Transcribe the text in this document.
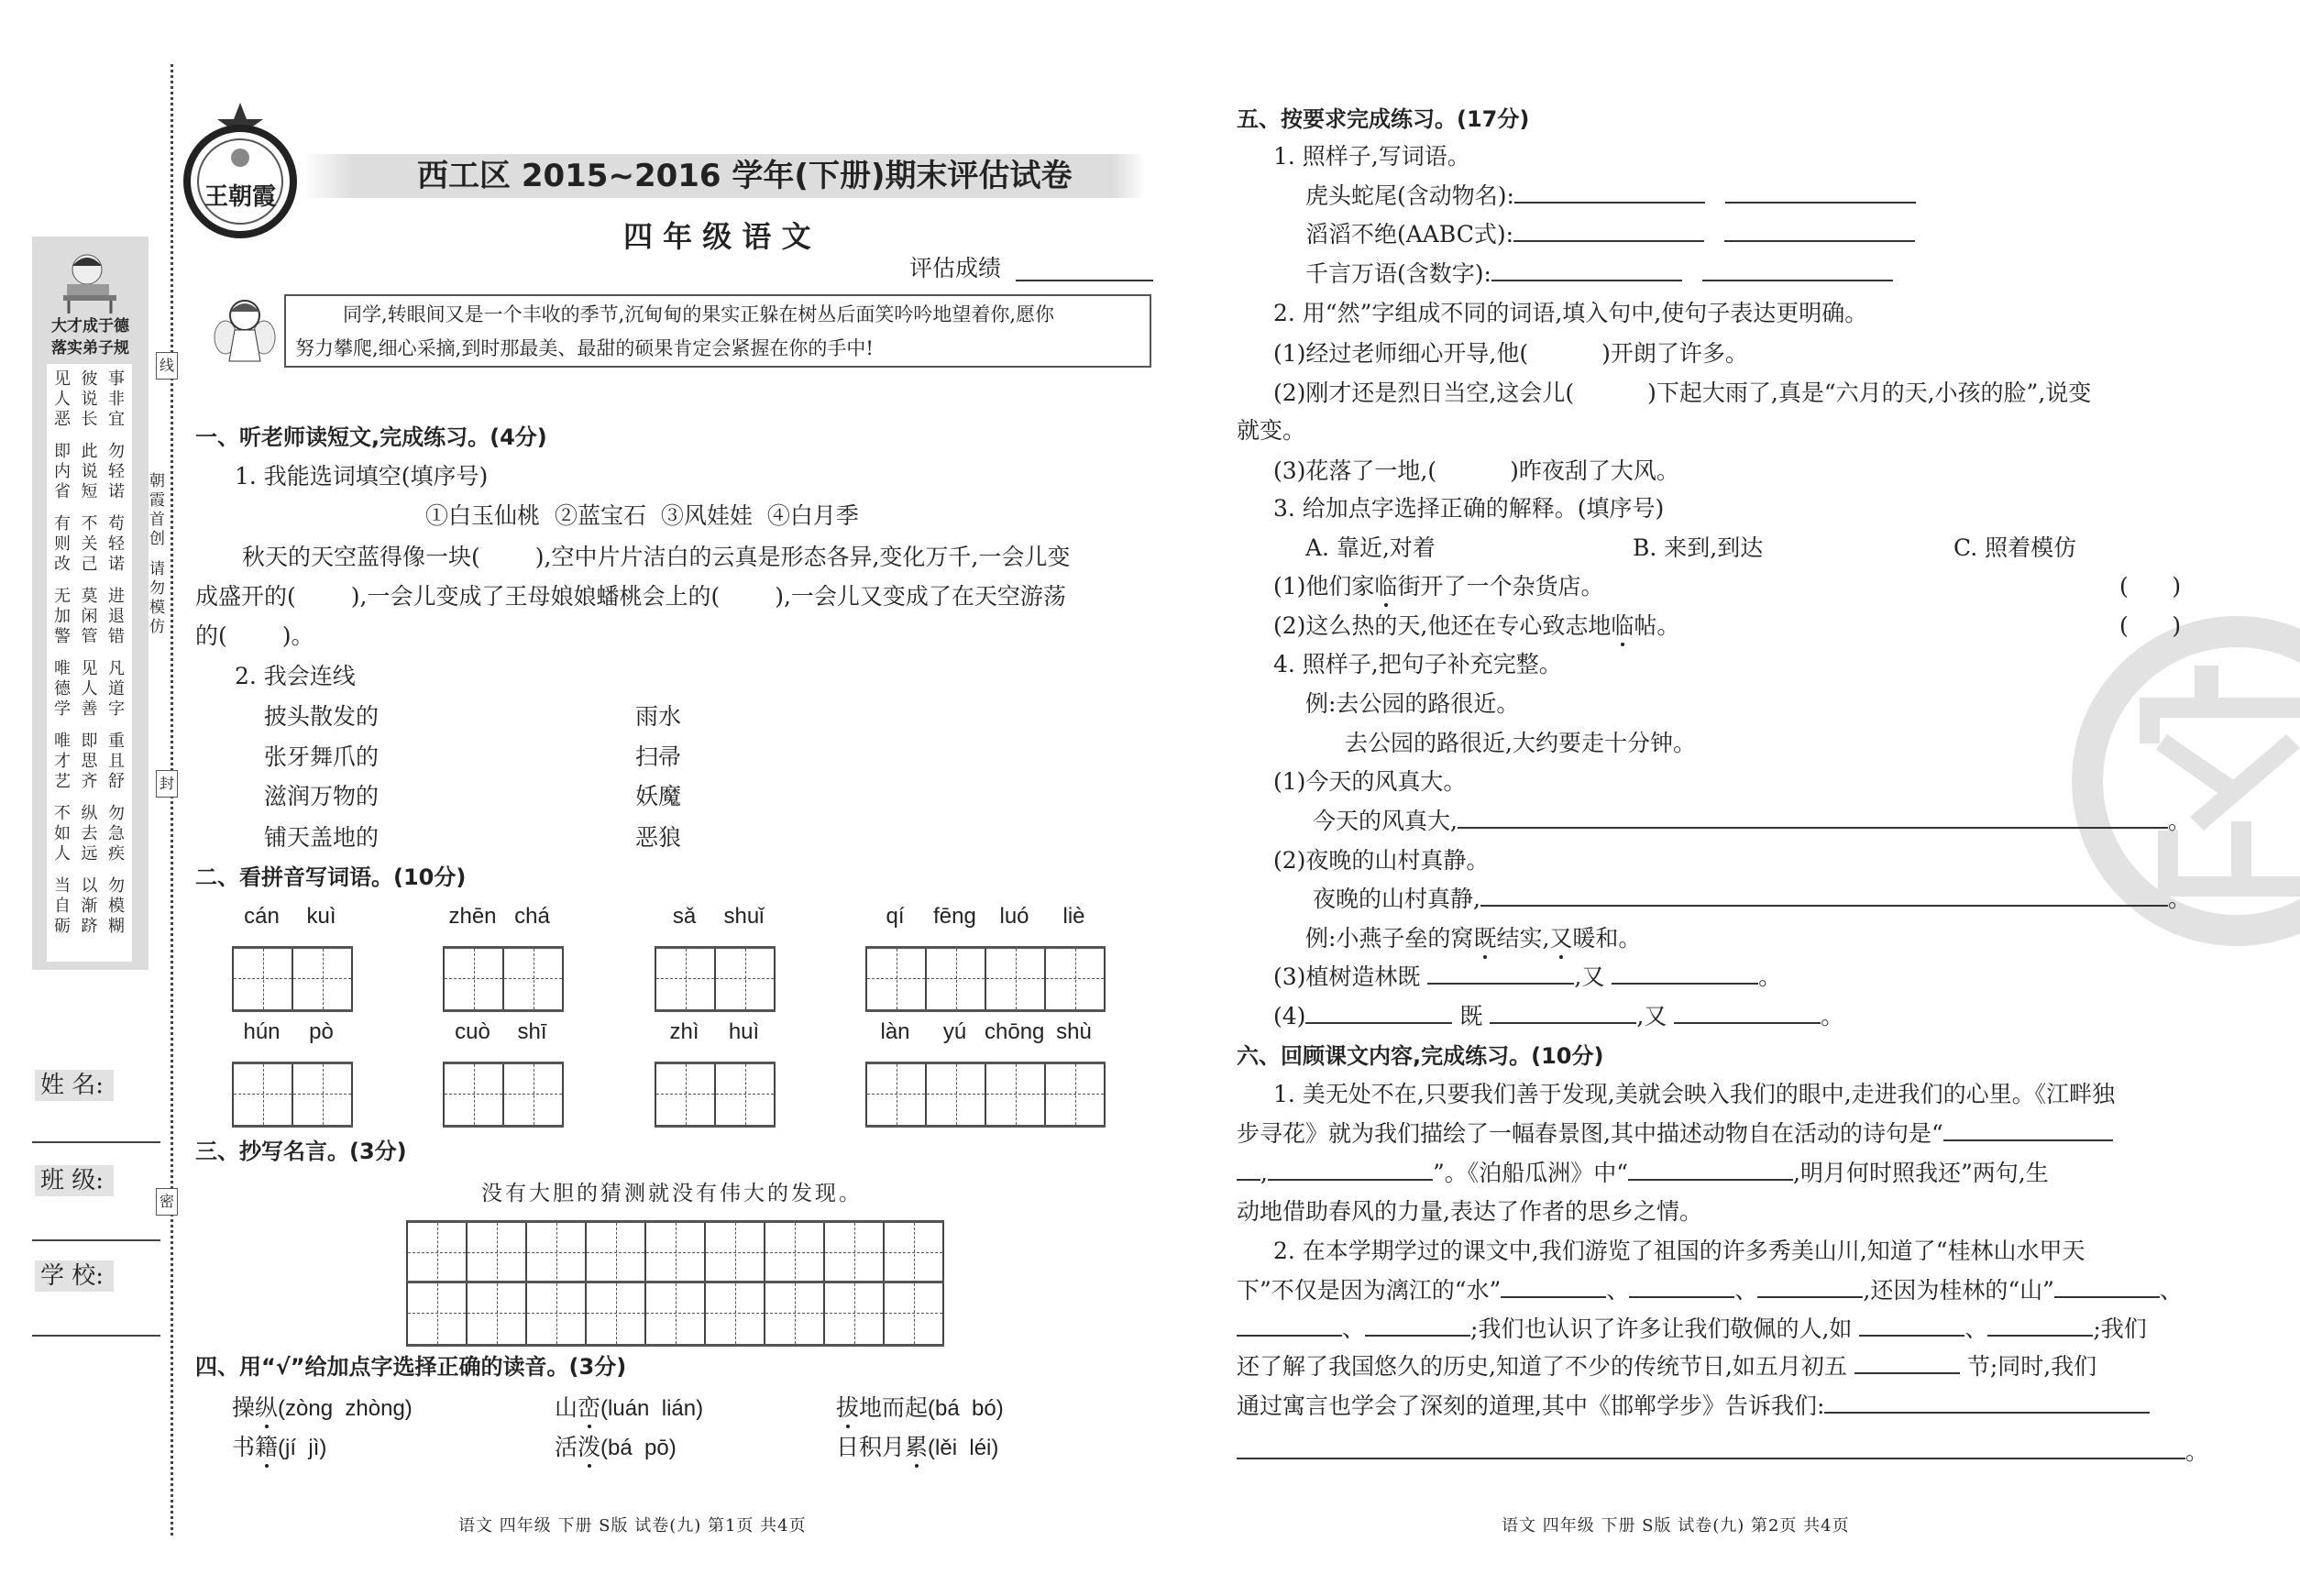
线
封
密
朝霞首创
请勿模仿
大才成于德
落实弟子规
见 彼 事
人 说 非
恶 长 宜
即 此 勿
内 说 轻
省 短 诺
有 不 苟
则 关 轻
改 己 诺
无 莫 进
加 闲 退
警 管 错
唯 见 凡
德 人 道
学 善 字
唯 即 重
才 思 且
艺 齐 舒
不 纵 勿
如 去 急
人 远 疾
当 以 勿
自 渐 模
砺 跻 糊
姓 名:
班 级:
学 校:
王朝霞
西工区 2015~2016 学年(下册)期末评估试卷
四 年 级 语 文
评估成绩
同学,转眼间又是一个丰收的季节,沉甸甸的果实正躲在树丛后面笑吟吟地望着你,愿你
努力攀爬,细心采摘,到时那最美、最甜的硕果肯定会紧握在你的手中!
一、听老师读短文,完成练习。(4分)
1. 我能选词填空(填序号)
①白玉仙桃 ②蓝宝石 ③风娃娃 ④白月季
秋天的天空蓝得像一块( ),空中片片洁白的云真是形态各异,变化万千,一会儿变
成盛开的( ),一会儿变成了王母娘娘蟠桃会上的( ),一会儿又变成了在天空游荡
的( )。
2. 我会连线
披头散发的	雨水
张牙舞爪的	扫帚
滋润万物的	妖魔
铺天盖地的	恶狼
二、看拼音写词语。(10分)
cán	kuì	zhēn chá	sǎ	shuǐ	qí	fēng	luó	liè
hún	pò	cuò	shī	zhì	huì	làn	yú chōng shù
三、抄写名言。(3分)
没有大胆的猜测就没有伟大的发现。
四、用“√”给加点字选择正确的读音。(3分)
操纵(zòng  zhòng)	山峦(luán  lián)	拔地而起(bá  bó)
书籍(jí  jì)	活泼(bá  pō)	日积月累(lěi  léi)
语文 四年级 下册 S版 试卷(九) 第1页 共4页
五、按要求完成练习。(17分)
1. 照样子,写词语。
虎头蛇尾(含动物名):
滔滔不绝(AABC式):
千言万语(含数字):
2. 用“然”字组成不同的词语,填入句中,使句子表达更明确。
(1)经过老师细心开导,他(	)开朗了许多。
(2)刚才还是烈日当空,这会儿(	)下起大雨了,真是“六月的天,小孩的脸”,说变
就变。
(3)花落了一地,(	)昨夜刮了大风。
3. 给加点字选择正确的解释。(填序号)
A. 靠近,对着	B. 来到,到达	C. 照着模仿
(1)他们家临街开了一个杂货店。	(      )
(2)这么热的天,他还在专心致志地临帖。	(      )
4. 照样子,把句子补充完整。
例:去公园的路很近。
去公园的路很近,大约要走十分钟。
(1)今天的风真大。
今天的风真大,	。
(2)夜晚的山村真静。
夜晚的山村真静,	。
例:小燕子垒的窝既结实,又暖和。
(3)植树造林既	,又	。
(4)	既	,又	。
六、回顾课文内容,完成练习。(10分)
1. 美无处不在,只要我们善于发现,美就会映入我们的眼中,走进我们的心里。《江畔独
步寻花》就为我们描绘了一幅春景图,其中描述动物自在活动的诗句是“
,	”。《泊船瓜洲》中“	,明月何时照我还”两句,生
动地借助春风的力量,表达了作者的思乡之情。
2. 在本学期学过的课文中,我们游览了祖国的许多秀美山川,知道了“桂林山水甲天
下”不仅是因为漓江的“水”	、	、	,还因为桂林的“山”	、
、	;我们也认识了许多让我们敬佩的人,如	、	;我们
还了解了我国悠久的历史,知道了不少的传统节日,如五月初五	节;同时,我们
通过寓言也学会了深刻的道理,其中《邯郸学步》告诉我们:
。
语文 四年级 下册 S版 试卷(九) 第2页 共4页
